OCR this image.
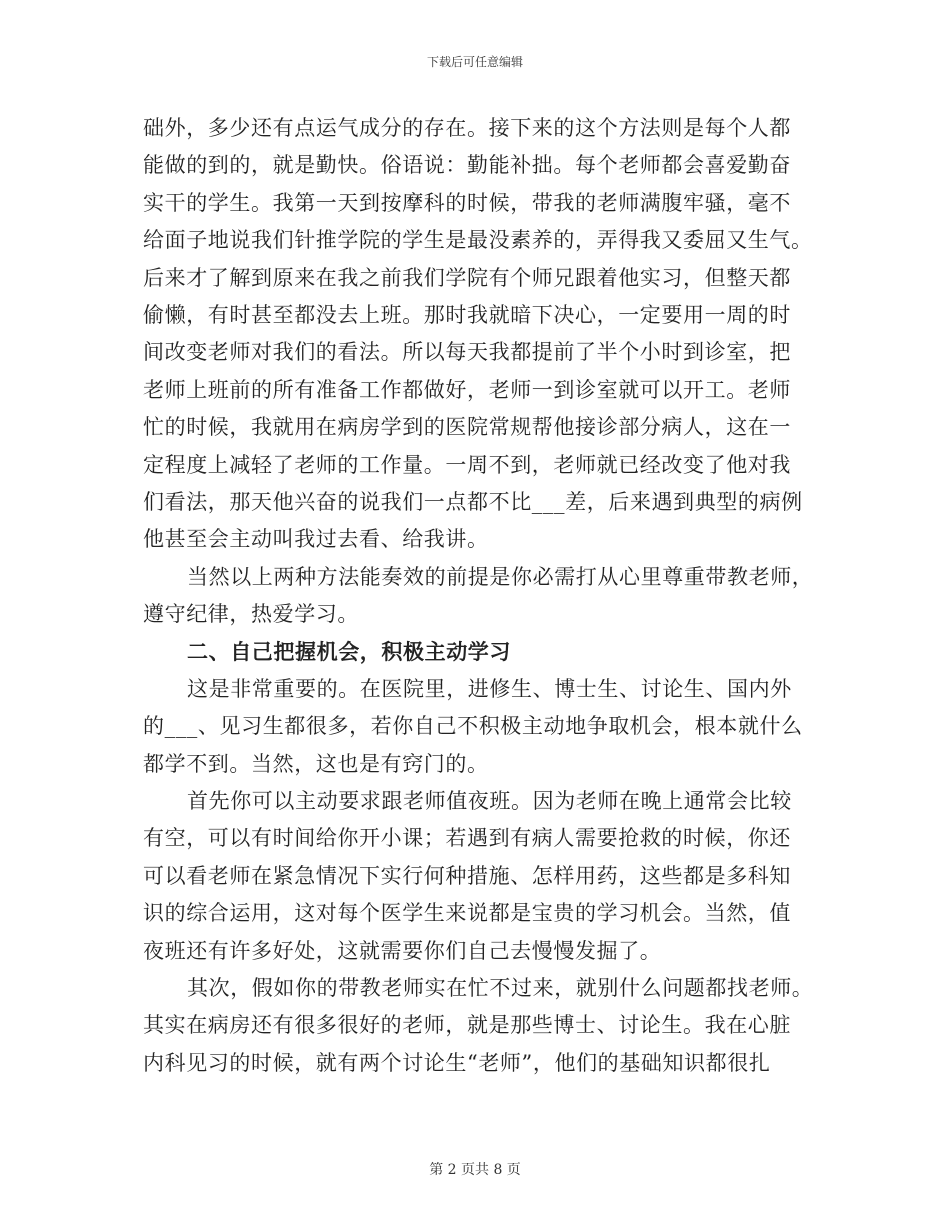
下载后可任意编辑
础外，多少还有点运气成分的存在。接下来的这个方法则是每个人都
能做的到的，就是勤快。俗语说：勤能补拙。每个老师都会喜爱勤奋
实干的学生。我第一天到按摩科的时候，带我的老师满腹牢骚，毫不
给面子地说我们针推学院的学生是最没素养的，弄得我又委屈又生气。
后来才了解到原来在我之前我们学院有个师兄跟着他实习，但整天都
偷懒，有时甚至都没去上班。那时我就暗下决心，一定要用一周的时
间改变老师对我们的看法。所以每天我都提前了半个小时到诊室，把
老师上班前的所有准备工作都做好，老师一到诊室就可以开工。老师
忙的时候，我就用在病房学到的医院常规帮他接诊部分病人，这在一
定程度上减轻了老师的工作量。一周不到，老师就已经改变了他对我
们看法，那天他兴奋的说我们一点都不比___差，后来遇到典型的病例
他甚至会主动叫我过去看、给我讲。
当然以上两种方法能奏效的前提是你必需打从心里尊重带教老师，
遵守纪律，热爱学习。
二、自己把握机会，积极主动学习
这是非常重要的。在医院里，进修生、博士生、讨论生、国内外
的___、见习生都很多，若你自己不积极主动地争取机会，根本就什么
都学不到。当然，这也是有窍门的。
首先你可以主动要求跟老师值夜班。因为老师在晚上通常会比较
有空，可以有时间给你开小课；若遇到有病人需要抢救的时候，你还
可以看老师在紧急情况下实行何种措施、怎样用药，这些都是多科知
识的综合运用，这对每个医学生来说都是宝贵的学习机会。当然，值
夜班还有许多好处，这就需要你们自己去慢慢发掘了。
其次，假如你的带教老师实在忙不过来，就别什么问题都找老师。
其实在病房还有很多很好的老师，就是那些博士、讨论生。我在心脏
内科见习的时候，就有两个讨论生“老师”，他们的基础知识都很扎
第 2 页共 8 页
